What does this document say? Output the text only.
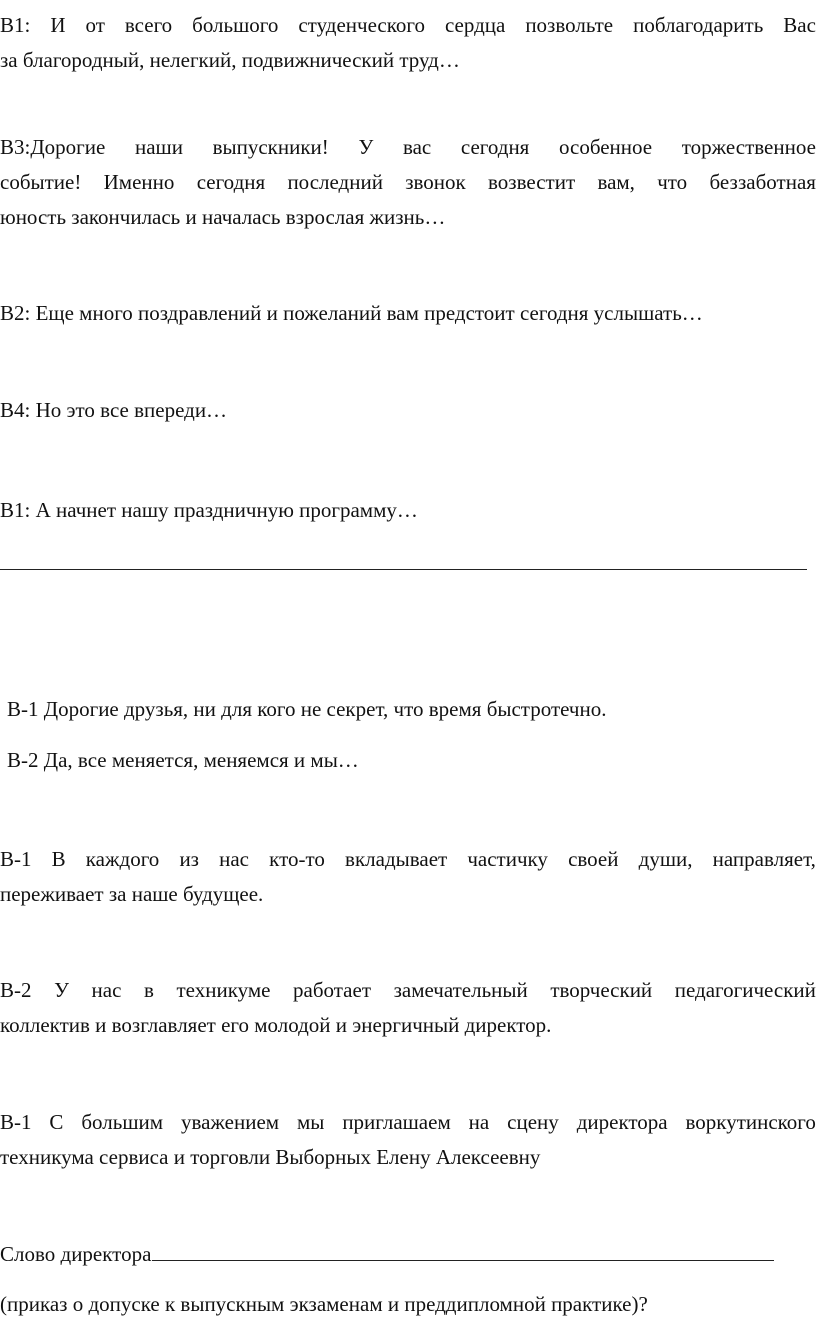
В1: И от всего большого студенческого сердца позвольте поблагодарить Вас
за благородный, нелегкий, подвижнический труд…
В3:Дорогие наши выпускники! У вас сегодня особенное торжественное
событие! Именно сегодня последний звонок возвестит вам, что беззаботная
юность закончилась и началась взрослая жизнь…
В2: Еще много поздравлений и пожеланий вам предстоит сегодня услышать…
В4: Но это все впереди…
В1: А начнет нашу праздничную программу…
В-1 Дорогие друзья, ни для кого не секрет, что время быстротечно.
В-2 Да, все меняется, меняемся и мы…
В-1 В каждого из нас кто-то вкладывает частичку своей души, направляет,
переживает за наше будущее.
В-2 У нас в техникуме работает замечательный творческий педагогический
коллектив и возглавляет его молодой и энергичный директор.
В-1 С большим уважением мы приглашаем на сцену директора воркутинского
техникума сервиса и торговли Выборных Елену Алексеевну
Слово директора
(приказ о допуске к выпускным экзаменам и преддипломной практике)?
